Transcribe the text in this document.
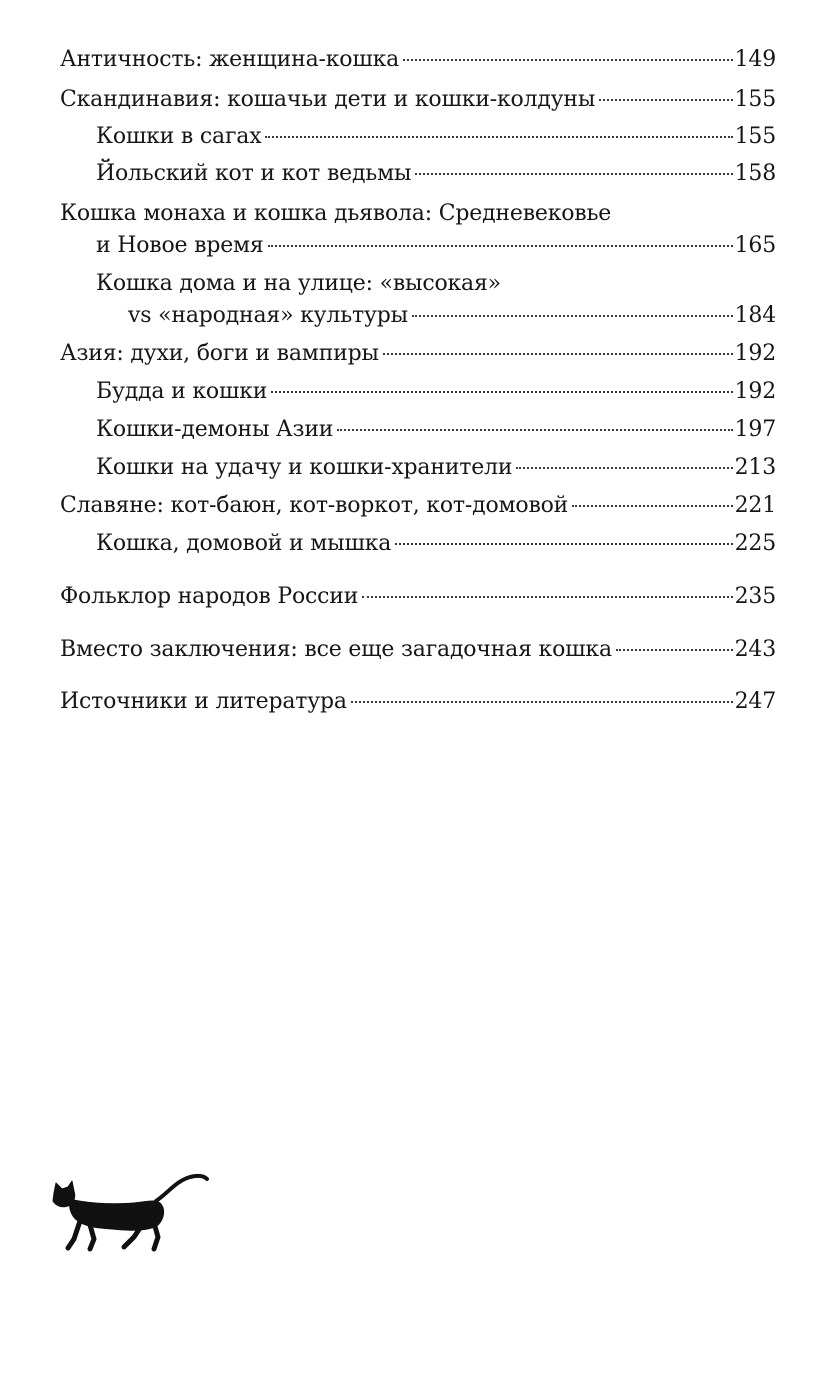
Античность: женщина-кошка	149
Скандинавия: кошачьи дети и кошки-колдуны	155
Кошки в сагах	155
Йольский кот и кот ведьмы	158
Кошка монаха и кошка дьявола: Средневековье
и Новое время	165
Кошка дома и на улице: «высокая»
vs «народная» культуры	184
Азия: духи, боги и вампиры	192
Будда и кошки	192
Кошки-демоны Азии	197
Кошки на удачу и кошки-хранители	213
Славяне: кот-баюн, кот-воркот, кот-домовой	221
Кошка, домовой и мышка	225
Фольклор народов России	235
Вместо заключения: все еще загадочная кошка	243
Источники и литература	247
